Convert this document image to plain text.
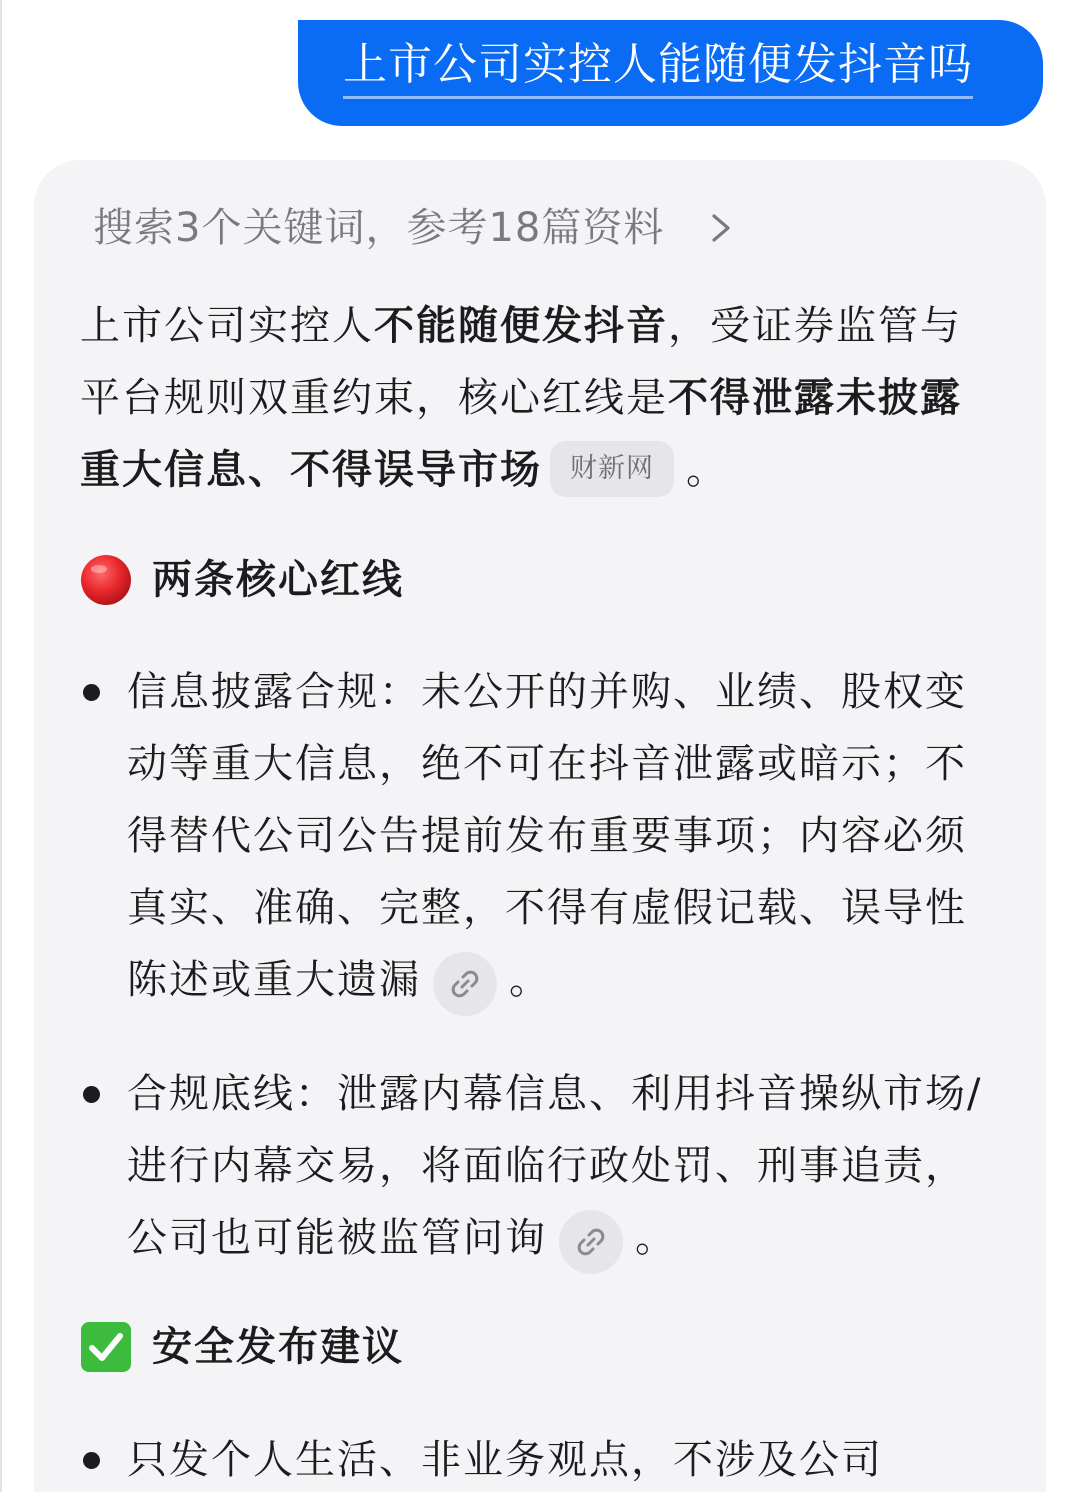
上市公司实控人能随便发抖音吗
搜索3个关键词，参考18篇资料
上市公司实控人不能随便发抖音，受证券监管与平台规则双重约束，核心红线是不得泄露未披露重大信息、不得误导市场 财新网 。
两条核心红线
信息披露合规：未公开的并购、业绩、股权变动等重大信息，绝不可在抖音泄露或暗示；不得替代公司公告提前发布重要事项；内容必须真实、准确、完整，不得有虚假记载、误导性陈述或重大遗漏 。
合规底线：泄露内幕信息、利用抖音操纵市场/进行内幕交易，将面临行政处罚、刑事追责，公司也可能被监管问询 。
安全发布建议
只发个人生活、非业务观点，不涉及公司
